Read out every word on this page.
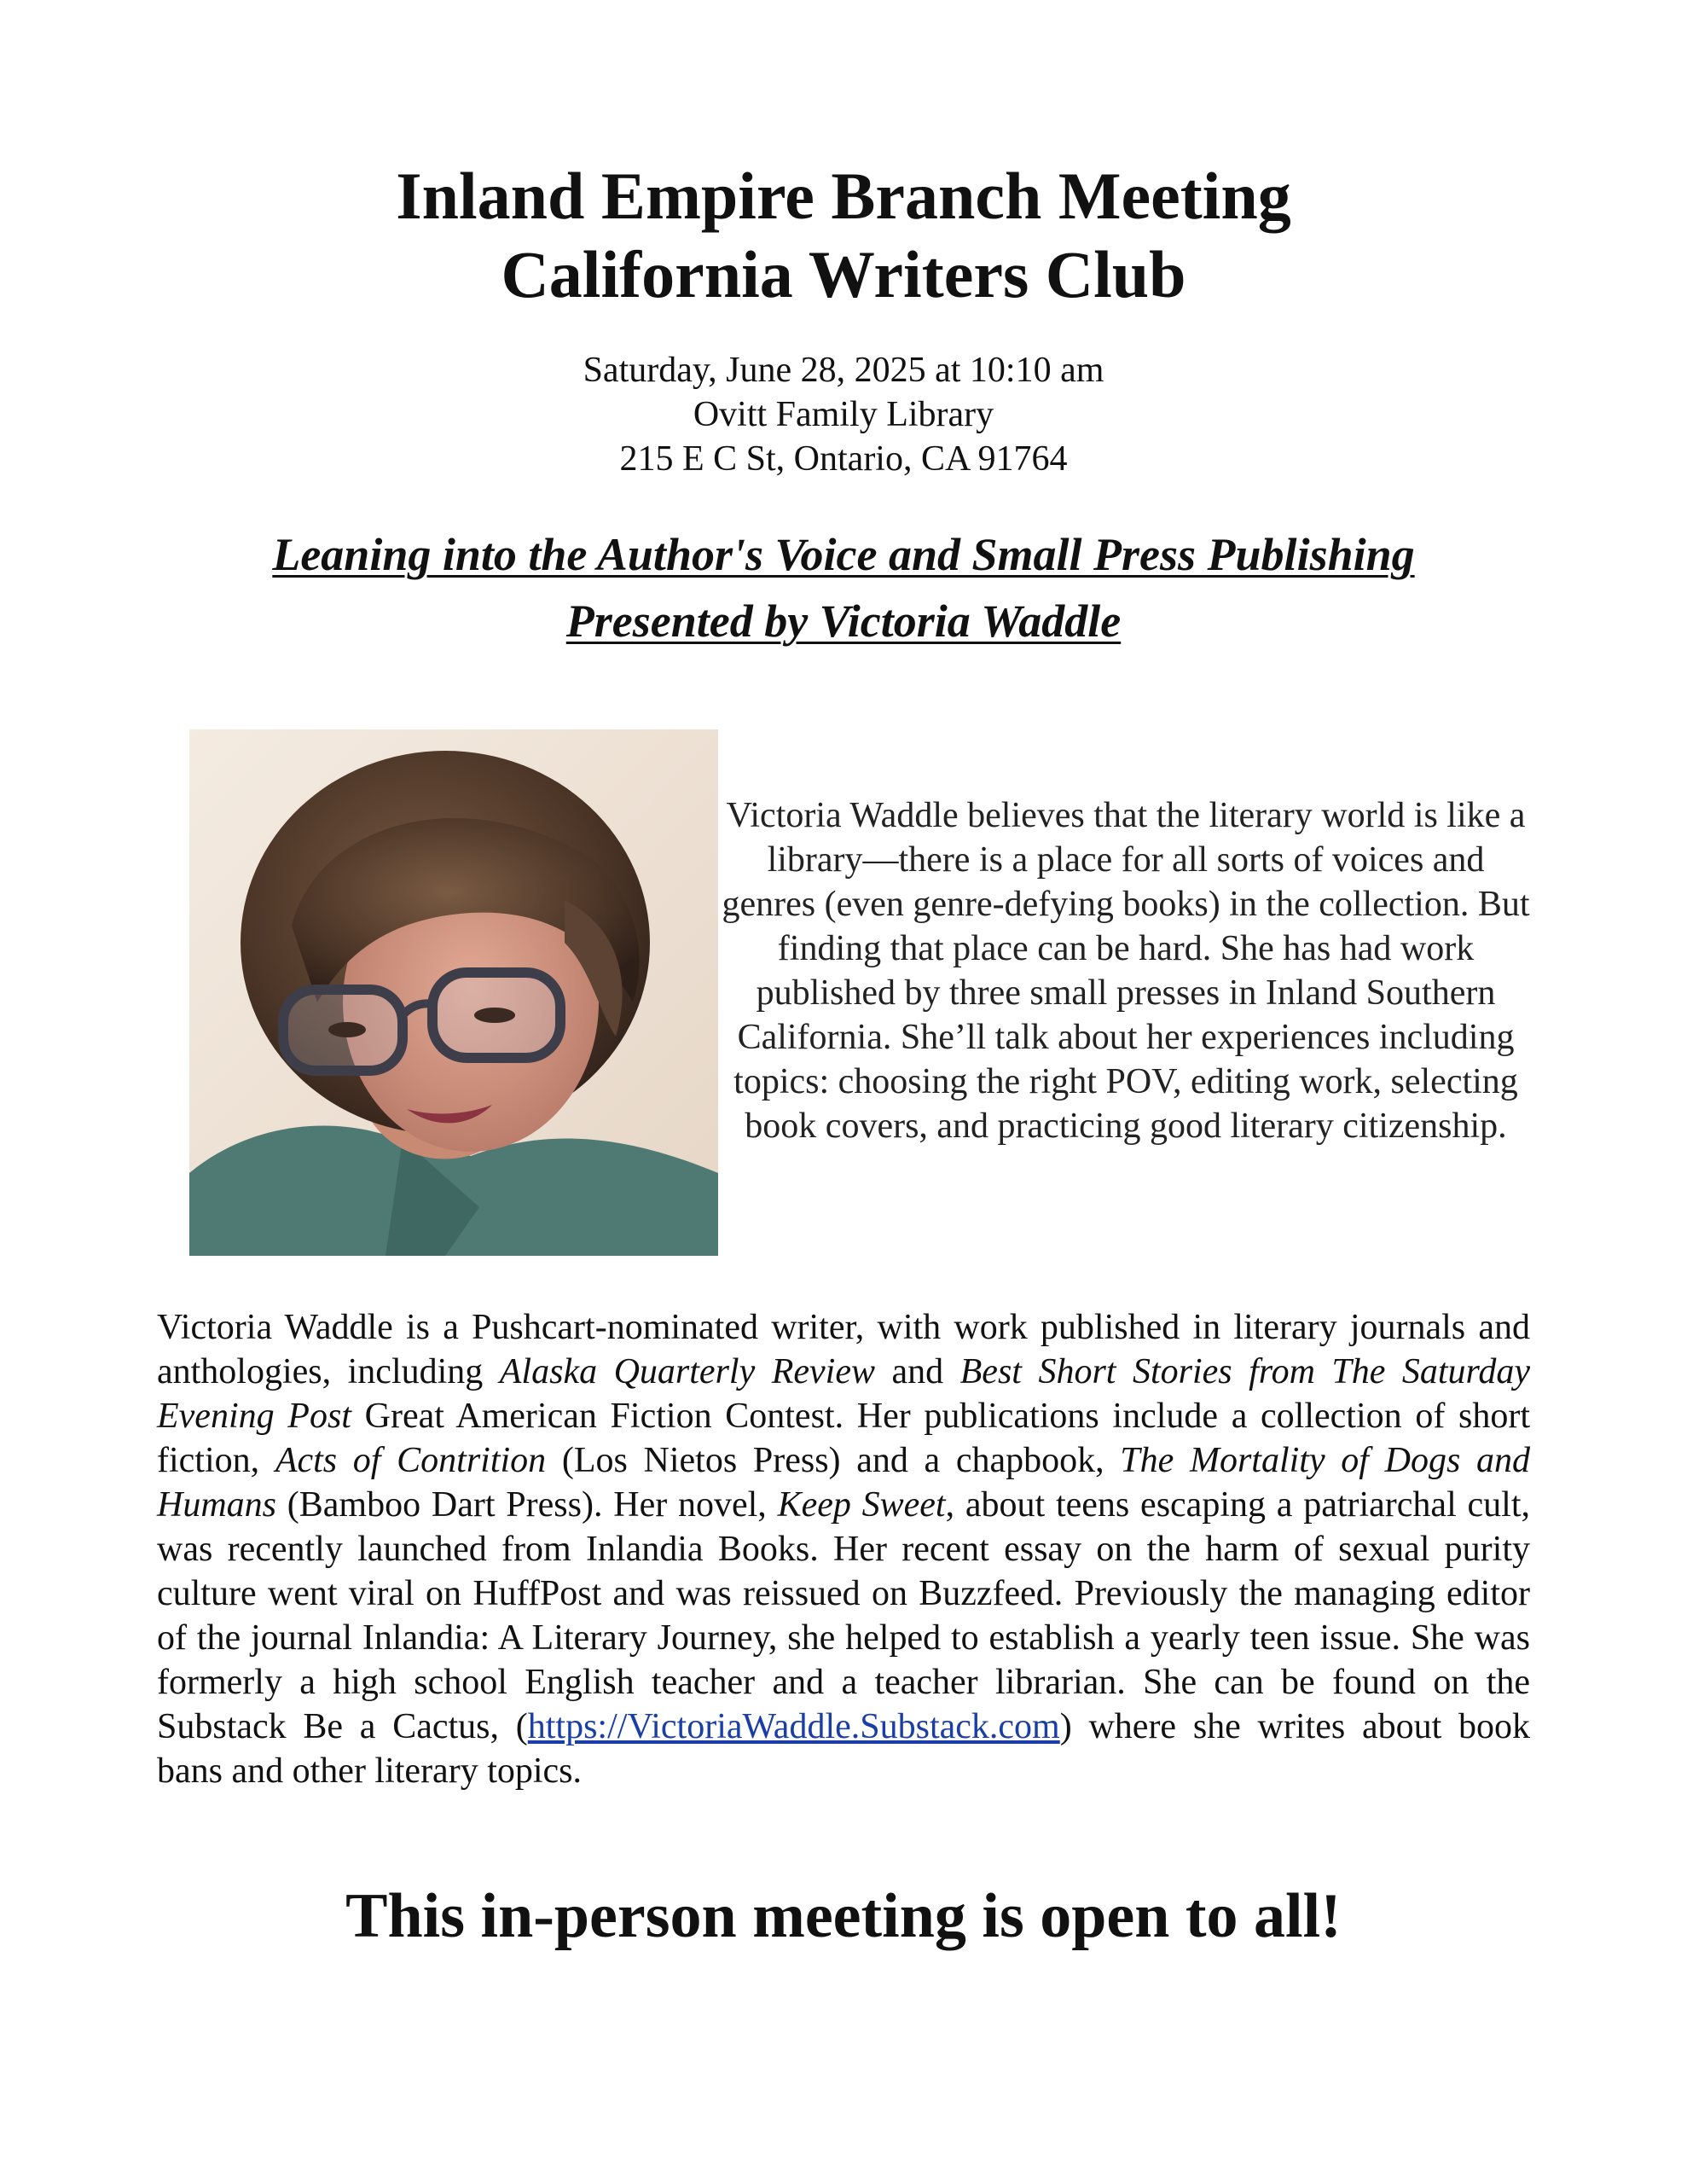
Inland Empire Branch Meeting
California Writers Club
Saturday, June 28, 2025 at 10:10 am
Ovitt Family Library
215 E C St, Ontario, CA 91764
Leaning into the Author's Voice and Small Press Publishing
Presented by Victoria Waddle
Victoria Waddle believes that the literary world is like a library—there is a place for all sorts of voices and genres (even genre-defying books) in the collection. But finding that place can be hard. She has had work published by three small presses in Inland Southern California. She’ll talk about her experiences including topics: choosing the right POV, editing work, selecting book covers, and practicing good literary citizenship.
Victoria Waddle is a Pushcart-nominated writer, with work published in literary journals and anthologies, including Alaska Quarterly Review and Best Short Stories from The Saturday Evening Post Great American Fiction Contest. Her publications include a collection of short fiction, Acts of Contrition (Los Nietos Press) and a chapbook, The Mortality of Dogs and Humans (Bamboo Dart Press). Her novel, Keep Sweet, about teens escaping a patriarchal cult, was recently launched from Inlandia Books. Her recent essay on the harm of sexual purity culture went viral on HuffPost and was reissued on Buzzfeed. Previously the managing editor of the journal Inlandia: A Literary Journey, she helped to establish a yearly teen issue. She was formerly a high school English teacher and a teacher librarian. She can be found on the Substack Be a Cactus, (https://VictoriaWaddle.Substack.com) where she writes about book bans and other literary topics.
This in-person meeting is open to all!
